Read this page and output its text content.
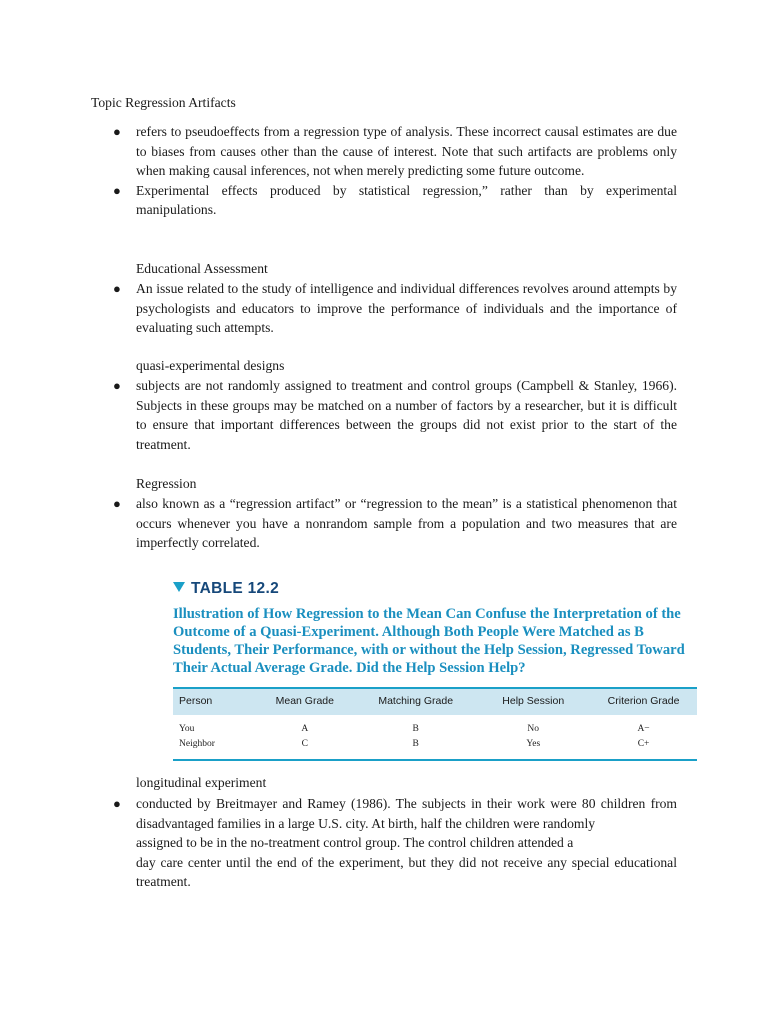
Topic Regression Artifacts
● refers to pseudoeffects from a regression type of analysis. These incorrect causal estimates are due to biases from causes other than the cause of interest. Note that such artifacts are problems only when making causal inferences, not when merely predicting some future outcome.
● Experimental effects produced by statistical regression,” rather than by experimental manipulations.
Educational Assessment
● An issue related to the study of intelligence and individual differences revolves around attempts by psychologists and educators to improve the performance of individuals and the importance of evaluating such attempts.
quasi-experimental designs
● subjects are not randomly assigned to treatment and control groups (Campbell & Stanley, 1966). Subjects in these groups may be matched on a number of factors by a researcher, but it is difficult to ensure that important differences between the groups did not exist prior to the start of the treatment.
Regression
● also known as a “regression artifact” or “regression to the mean” is a statistical phenomenon that occurs whenever you have a nonrandom sample from a population and two measures that are imperfectly correlated.
TABLE 12.2
Illustration of How Regression to the Mean Can Confuse the Interpretation of the Outcome of a Quasi-Experiment. Although Both People Were Matched as B Students, Their Performance, with or without the Help Session, Regressed Toward Their Actual Average Grade. Did the Help Session Help?
Person	Mean Grade	Matching Grade	Help Session	Criterion Grade
You	A	B	No	A−
Neighbor	C	B	Yes	C+
longitudinal experiment
● conducted by Breitmayer and Ramey (1986). The subjects in their work were 80 children from disadvantaged families in a large U.S. city. At birth, half the children were randomly
assigned to be in the no-treatment control group. The control children attended a
day care center until the end of the experiment, but they did not receive any special educational treatment.
